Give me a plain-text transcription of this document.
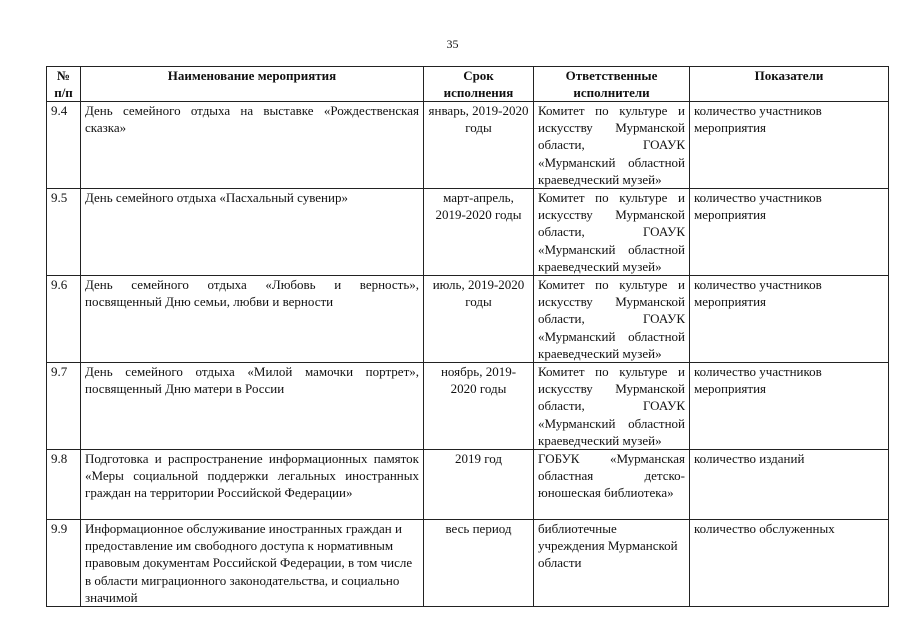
35
№ п/п	Наименование мероприятия	Срок исполнения	Ответственные исполнители	Показатели
9.4	День семейного отдыха на выставке «Рождественская сказка»	январь, 2019-2020 годы	Комитет по культуре и искусству Мурманской области, ГОАУК «Мурманский областной краеведческий музей»	количество участников мероприятия
9.5	День семейного отдыха «Пасхальный сувенир»	март-апрель, 2019-2020 годы	Комитет по культуре и искусству Мурманской области, ГОАУК «Мурманский областной краеведческий музей»	количество участников мероприятия
9.6	День семейного отдыха «Любовь и верность», посвященный Дню семьи, любви и верности	июль, 2019-2020 годы	Комитет по культуре и искусству Мурманской области, ГОАУК «Мурманский областной краеведческий музей»	количество участников мероприятия
9.7	День семейного отдыха «Милой мамочки портрет», посвященный Дню матери в России	ноябрь, 2019-2020 годы	Комитет по культуре и искусству Мурманской области, ГОАУК «Мурманский областной краеведческий музей»	количество участников мероприятия
9.8	Подготовка и распространение информационных памяток «Меры социальной поддержки легальных иностранных граждан на территории Российской Федерации»	2019 год	ГОБУК «Мурманская областная детско-юношеская библиотека»	количество изданий
9.9	Информационное обслуживание иностранных граждан и предоставление им свободного доступа к нормативным правовым документам Российской Федерации, в том числе в области миграционного законодательства, и социально значимой	весь период	библиотечные учреждения Мурманской области	количество обслуженных
